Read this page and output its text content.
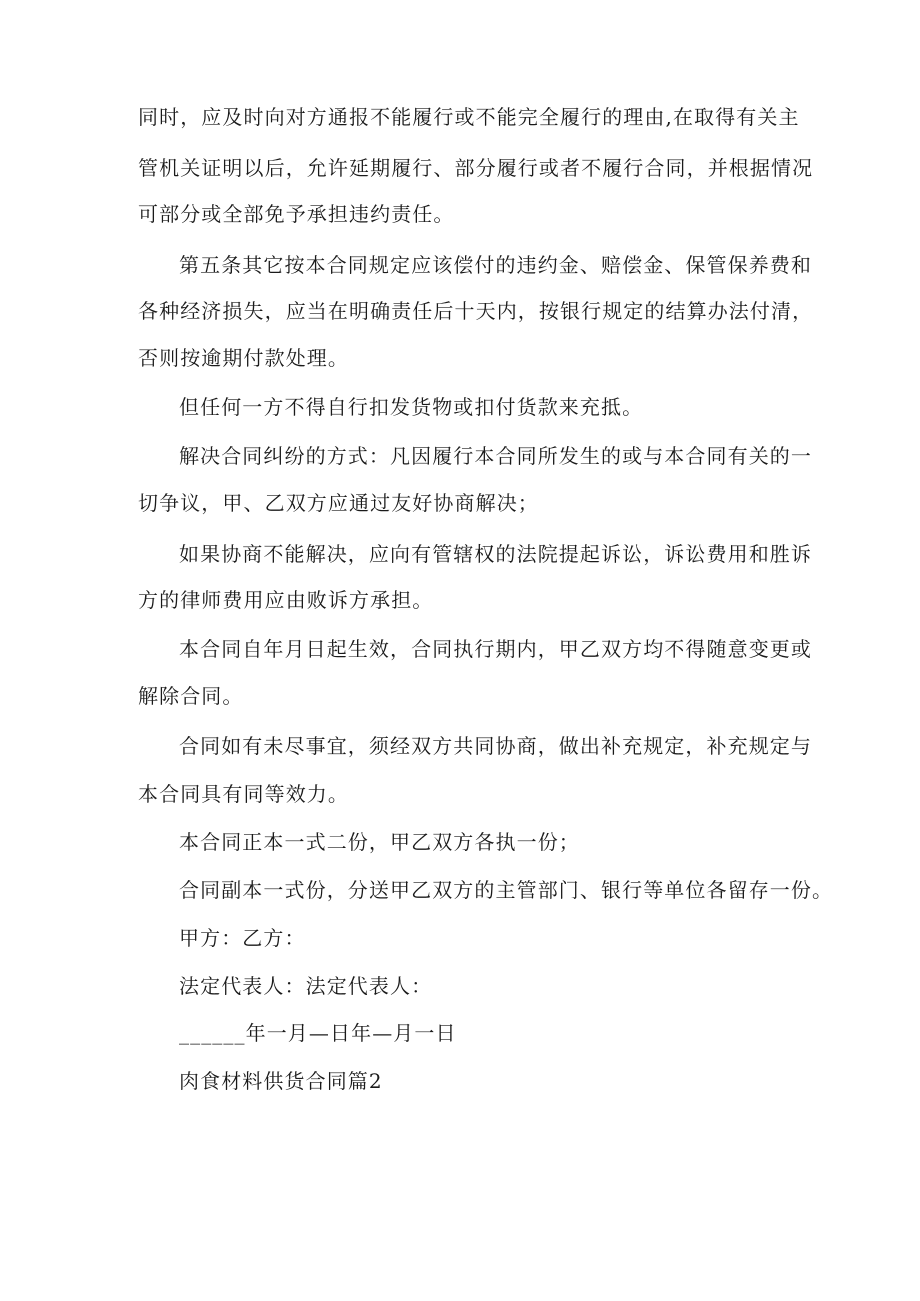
同时，应及时向对方通报不能履行或不能完全履行的理由,在取得有关主
管机关证明以后，允许延期履行、部分履行或者不履行合同，并根据情况
可部分或全部免予承担违约责任。
第五条其它按本合同规定应该偿付的违约金、赔偿金、保管保养费和
各种经济损失，应当在明确责任后十天内，按银行规定的结算办法付清，
否则按逾期付款处理。
但任何一方不得自行扣发货物或扣付货款来充抵。
解决合同纠纷的方式：凡因履行本合同所发生的或与本合同有关的一
切争议，甲、乙双方应通过友好协商解决；
如果协商不能解决，应向有管辖权的法院提起诉讼，诉讼费用和胜诉
方的律师费用应由败诉方承担。
本合同自年月日起生效，合同执行期内，甲乙双方均不得随意变更或
解除合同。
合同如有未尽事宜，须经双方共同协商，做出补充规定，补充规定与
本合同具有同等效力。
本合同正本一式二份，甲乙双方各执一份；
合同副本一式份，分送甲乙双方的主管部门、银行等单位各留存一份。
甲方：乙方：
法定代表人：法定代表人：
______年一月—日年—月一日
肉食材料供货合同篇2
